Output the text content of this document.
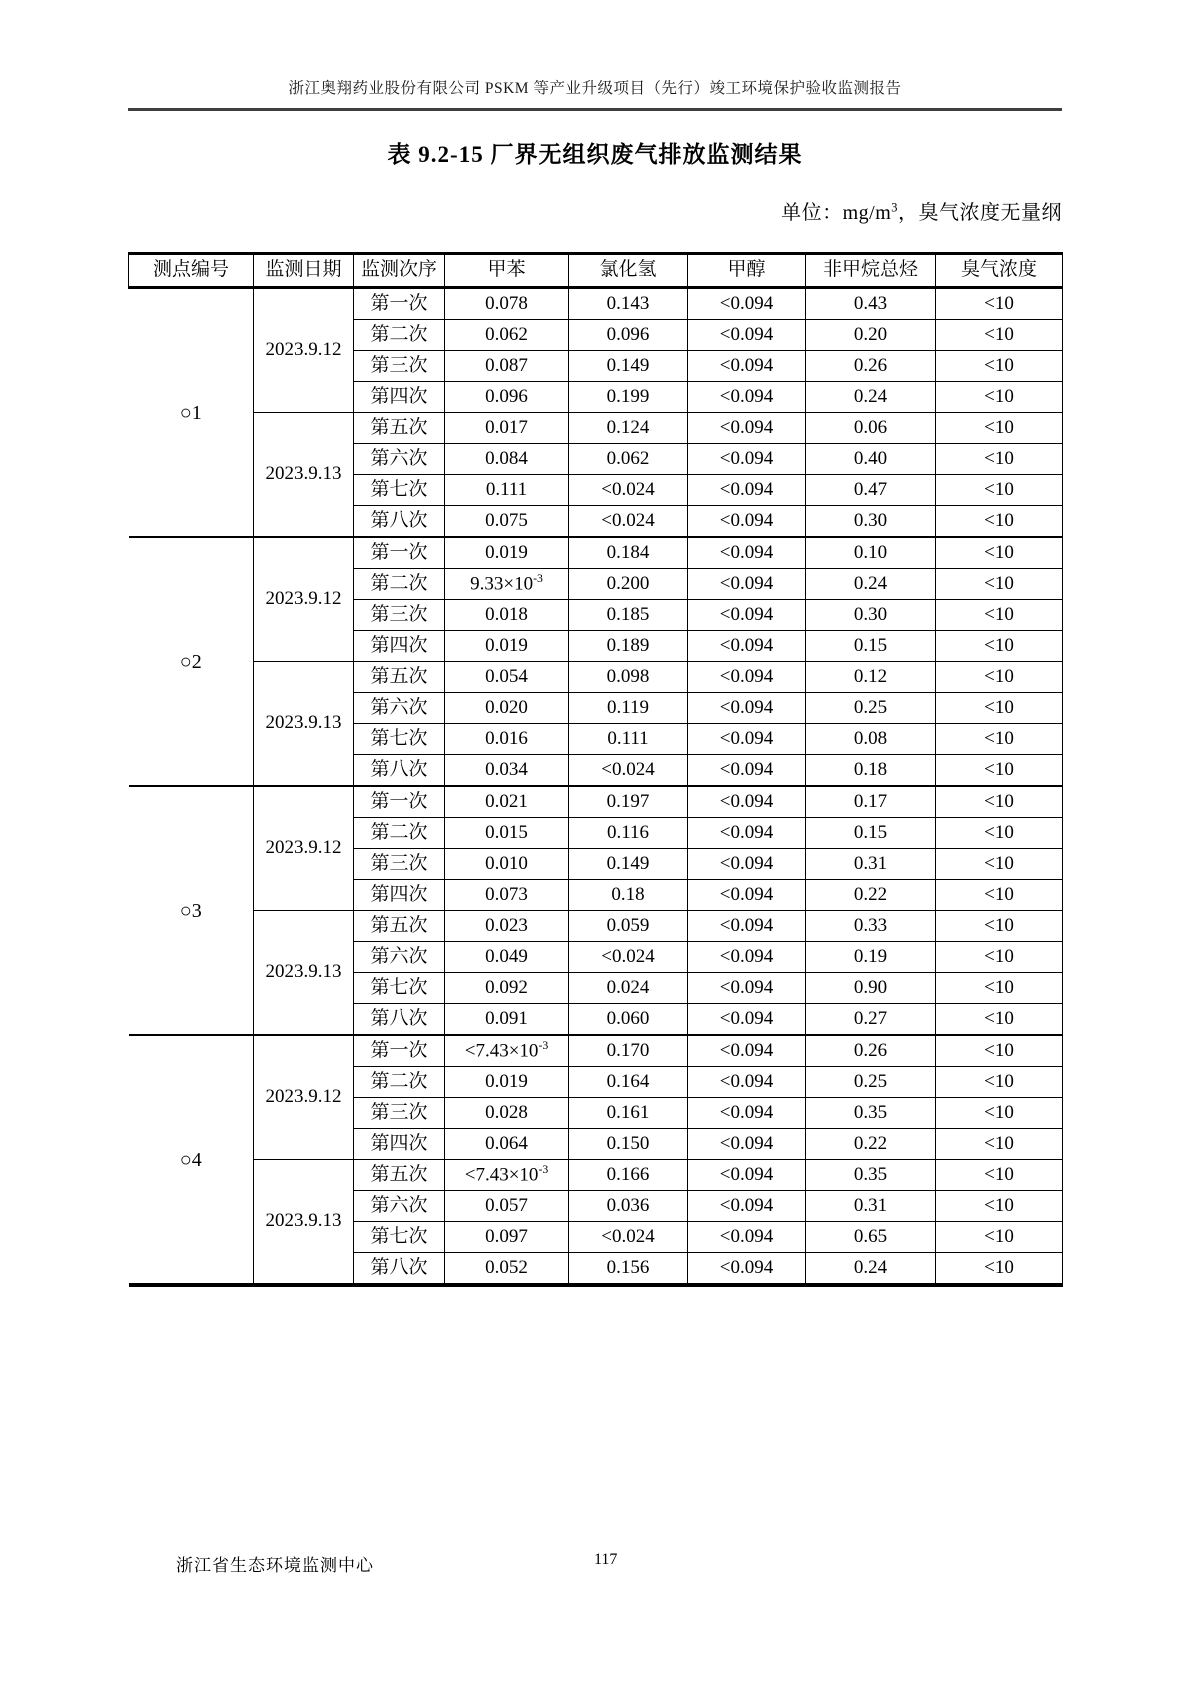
浙江奥翔药业股份有限公司 PSKM 等产业升级项目（先行）竣工环境保护验收监测报告
表 9.2-15 厂界无组织废气排放监测结果
单位：$mg/m^3$，臭气浓度无量纲
测点编号	监测日期	监测次序	甲苯	氯化氢	甲醇	非甲烷总烃	臭气浓度
○1	2023.9.12	第一次	0.078	0.143	<0.094	0.43	<10
		第二次	0.062	0.096	<0.094	0.20	<10
		第三次	0.087	0.149	<0.094	0.26	<10
		第四次	0.096	0.199	<0.094	0.24	<10
	2023.9.13	第五次	0.017	0.124	<0.094	0.06	<10
		第六次	0.084	0.062	<0.094	0.40	<10
		第七次	0.111	<0.024	<0.094	0.47	<10
		第八次	0.075	<0.024	<0.094	0.30	<10
○2	2023.9.12	第一次	0.019	0.184	<0.094	0.10	<10
		第二次	$9.33\times 10^{-3}$	0.200	<0.094	0.24	<10
		第三次	0.018	0.185	<0.094	0.30	<10
		第四次	0.019	0.189	<0.094	0.15	<10
	2023.9.13	第五次	0.054	0.098	<0.094	0.12	<10
		第六次	0.020	0.119	<0.094	0.25	<10
		第七次	0.016	0.111	<0.094	0.08	<10
		第八次	0.034	<0.024	<0.094	0.18	<10
○3	2023.9.12	第一次	0.021	0.197	<0.094	0.17	<10
		第二次	0.015	0.116	<0.094	0.15	<10
		第三次	0.010	0.149	<0.094	0.31	<10
		第四次	0.073	0.18	<0.094	0.22	<10
	2023.9.13	第五次	0.023	0.059	<0.094	0.33	<10
		第六次	0.049	<0.024	<0.094	0.19	<10
		第七次	0.092	0.024	<0.094	0.90	<10
		第八次	0.091	0.060	<0.094	0.27	<10
○4	2023.9.12	第一次	$<7.43\times 10^{-3}$	0.170	<0.094	0.26	<10
		第二次	0.019	0.164	<0.094	0.25	<10
		第三次	0.028	0.161	<0.094	0.35	<10
		第四次	0.064	0.150	<0.094	0.22	<10
	2023.9.13	第五次	$<7.43\times 10^{-3}$	0.166	<0.094	0.35	<10
		第六次	0.057	0.036	<0.094	0.31	<10
		第七次	0.097	<0.024	<0.094	0.65	<10
		第八次	0.052	0.156	<0.094	0.24	<10
浙江省生态环境监测中心	117
